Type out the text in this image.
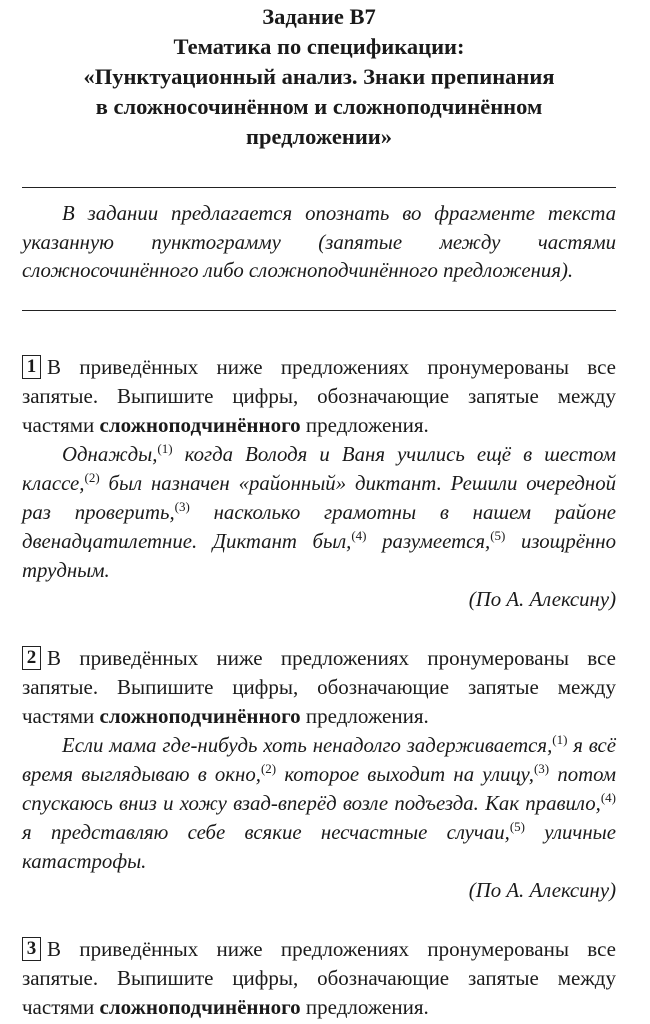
Задание В7
Тематика по спецификации:
«Пунктуационный анализ. Знаки препинания
в сложносочинённом и сложноподчинённом
предложении»

В задании предлагается опознать во фрагменте текста указанную пунктограмму (запятые между частями сложносочинённого либо сложноподчинённого предложения).

1 В приведённых ниже предложениях пронумерованы все запятые. Выпишите цифры, обозначающие запятые между частями сложноподчинённого предложения.

Однажды,$^{(1)}$ когда Володя и Ваня учились ещё в шестом классе,$^{(2)}$ был назначен «районный» диктант. Решили очередной раз проверить,$^{(3)}$ насколько грамотны в нашем районе двенадцатилетние. Диктант был,$^{(4)}$ разумеется,$^{(5)}$ изощрённо трудным.

(По А. Алексину)
2 В приведённых ниже предложениях пронумерованы все запятые. Выпишите цифры, обозначающие запятые между частями сложноподчинённого предложения.

Если мама где-нибудь хоть ненадолго задерживается,$^{(1)}$ я всё время выглядываю в окно,$^{(2)}$ которое выходит на улицу,$^{(3)}$ потом спускаюсь вниз и хожу взад-вперёд возле подъезда. Как правило,$^{(4)}$ я представляю себе всякие несчастные случаи,$^{(5)}$ уличные катастрофы.

(По А. Алексину)
3 В приведённых ниже предложениях пронумерованы все запятые. Выпишите цифры, обозначающие запятые между частями сложноподчинённого предложения.
